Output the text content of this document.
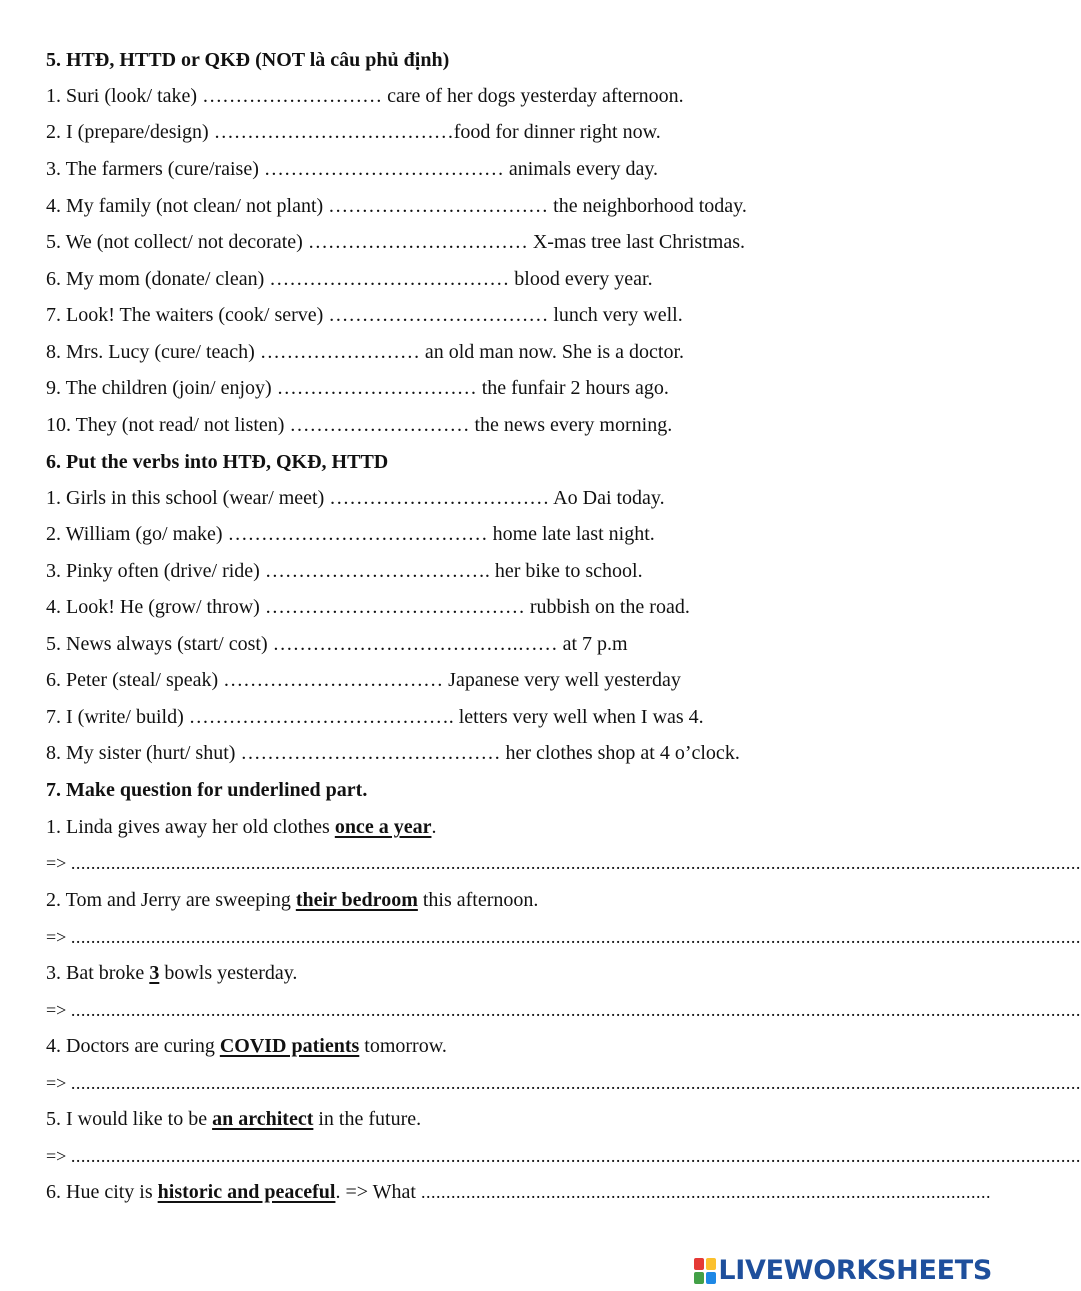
5. HTĐ, HTTD or QKĐ (NOT là câu phủ định)
1. Suri (look/ take) ……………………… care of her dogs yesterday afternoon.
2. I (prepare/design) ………………………………food for dinner right now.
3. The farmers (cure/raise) ……………………………… animals every day.
4. My family (not clean/ not plant) …………………………… the neighborhood today.
5. We (not collect/ not decorate) …………………………… X-mas tree last Christmas.
6. My mom (donate/ clean) ……………………………… blood every year.
7. Look! The waiters (cook/ serve) …………………………… lunch very well.
8. Mrs. Lucy (cure/ teach) …………………… an old man now. She is a doctor.
9. The children (join/ enjoy) ………………………… the funfair 2 hours ago.
10. They (not read/ not listen) ……………………… the news every morning.
6. Put the verbs into HTĐ, QKĐ, HTTD
1. Girls in this school (wear/ meet) …………………………… Ao Dai today.
2. William (go/ make) ………………………………… home late last night.
3. Pinky often (drive/ ride) ……………………………. her bike to school.
4. Look! He (grow/ throw) ………………………………… rubbish on the road.
5. News always (start/ cost) ……………………………….…… at 7 p.m
6. Peter (steal/ speak) …………………………… Japanese very well yesterday
7. I (write/ build) …………………………………. letters very well when I was 4.
8. My sister (hurt/ shut) ………………………………… her clothes shop at 4 o’clock.
7. Make question for underlined part.
1. Linda gives away her old clothes once a year.
=> ..........................................................................................................................................................................................................
2. Tom and Jerry are sweeping their bedroom this afternoon.
=> ..........................................................................................................................................................................................................
3. Bat broke 3 bowls yesterday.
=> ..........................................................................................................................................................................................................
4. Doctors are curing COVID patients tomorrow.
=> ..........................................................................................................................................................................................................
5. I would like to be an architect in the future.
=> ..........................................................................................................................................................................................................
6. Hue city is historic and peaceful. => What ..................................................................................................................
LIVEWORKSHEETS
